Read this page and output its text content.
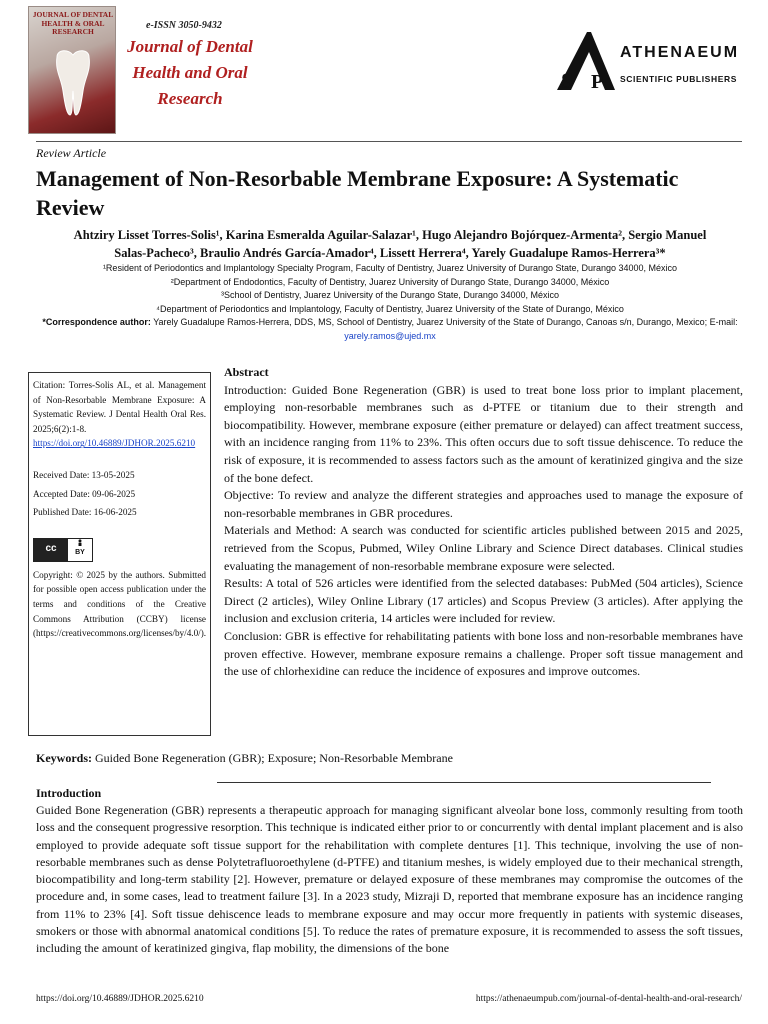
JOURNAL OF DENTAL HEALTH & ORAL RESEARCH
e-ISSN 3050-9432
Journal of Dental
Health and Oral
Research
S P
ATHENAEUM
SCIENTIFIC PUBLISHERS
Review Article
Management of Non-Resorbable Membrane Exposure: A Systematic Review
Ahtziry Lisset Torres-Solis¹, Karina Esmeralda Aguilar-Salazar¹, Hugo Alejandro Bojórquez-Armenta², Sergio Manuel
Salas-Pacheco³, Braulio Andrés García-Amador⁴, Lissett Herrera⁴, Yarely Guadalupe Ramos-Herrera³*
¹Resident of Periodontics and Implantology Specialty Program, Faculty of Dentistry, Juarez University of Durango State, Durango 34000, México
²Department of Endodontics, Faculty of Dentistry, Juarez University of Durango State, Durango 34000, México
³School of Dentistry, Juarez University of the Durango State, Durango 34000, México
⁴Department of Periodontics and Implantology, Faculty of Dentistry, Juarez University of the State of Durango, México
*Correspondence author: Yarely Guadalupe Ramos-Herrera, DDS, MS, School of Dentistry, Juarez University of the State of Durango, Canoas s/n, Durango, Mexico; E-mail: yarely.ramos@ujed.mx
Citation: Torres-Solis AL, et al. Management of Non-Resorbable Membrane Exposure: A Systematic Review. J Dental Health Oral Res. 2025;6(2):1-8.
https://doi.org/10.46889/JDHOR.2025.6210
Received Date: 13-05-2025
Accepted Date: 09-06-2025
Published Date: 16-06-2025
cc	BY
Copyright: © 2025 by the authors. Submitted for possible open access publication under the terms and conditions of the Creative Commons Attribution (CCBY) license (https://creativecommons.org/licenses/by/4.0/).
Abstract

Introduction: Guided Bone Regeneration (GBR) is used to treat bone loss prior to implant placement, employing non-resorbable membranes such as d-PTFE or titanium due to their strength and biocompatibility. However, membrane exposure (either premature or delayed) can affect treatment success, with an incidence ranging from 11% to 23%. This often occurs due to soft tissue dehiscence. To reduce the risk of exposure, it is recommended to assess factors such as the amount of keratinized gingiva and the size of the bone defect.

Objective: To review and analyze the different strategies and approaches used to manage the exposure of non-resorbable membranes in GBR procedures.

Materials and Method: A search was conducted for scientific articles published between 2015 and 2025, retrieved from the Scopus, Pubmed, Wiley Online Library and Science Direct databases. Clinical studies evaluating the management of non-resorbable membrane exposure were selected.

Results: A total of 526 articles were identified from the selected databases: PubMed (504 articles), Science Direct (2 articles), Wiley Online Library (17 articles) and Scopus Preview (3 articles). After applying the inclusion and exclusion criteria, 14 articles were included for review.

Conclusion: GBR is effective for rehabilitating patients with bone loss and non-resorbable membranes have proven effective. However, membrane exposure remains a challenge. Proper soft tissue management and the use of chlorhexidine can reduce the incidence of exposures and improve outcomes.

Keywords: Guided Bone Regeneration (GBR); Exposure; Non-Resorbable Membrane
Introduction
Guided Bone Regeneration (GBR) represents a therapeutic approach for managing significant alveolar bone loss, commonly resulting from tooth loss and the consequent progressive resorption. This technique is indicated either prior to or concurrently with dental implant placement and is also employed to provide adequate soft tissue support for the rehabilitation with complete dentures [1]. This technique, involving the use of non-resorbable membranes such as dense Polytetrafluoroethylene (d-PTFE) and titanium meshes, is widely employed due to their mechanical strength, biocompatibility and long-term stability [2]. However, premature or delayed exposure of these membranes may compromise the outcomes of the procedure and, in some cases, lead to treatment failure [3]. In a 2023 study, Mizraji D, reported that membrane exposure has an incidence ranging from 11% to 23% [4]. Soft tissue dehiscence leads to membrane exposure and may occur more frequently in patients with systemic diseases, smokers or those with abnormal anatomical conditions [5]. To reduce the rates of premature exposure, it is recommended to assess the soft tissues, including the amount of keratinized gingiva, flap mobility, the dimensions of the bone
https://doi.org/10.46889/JDHOR.2025.6210	https://athenaeumpub.com/journal-of-dental-health-and-oral-research/
